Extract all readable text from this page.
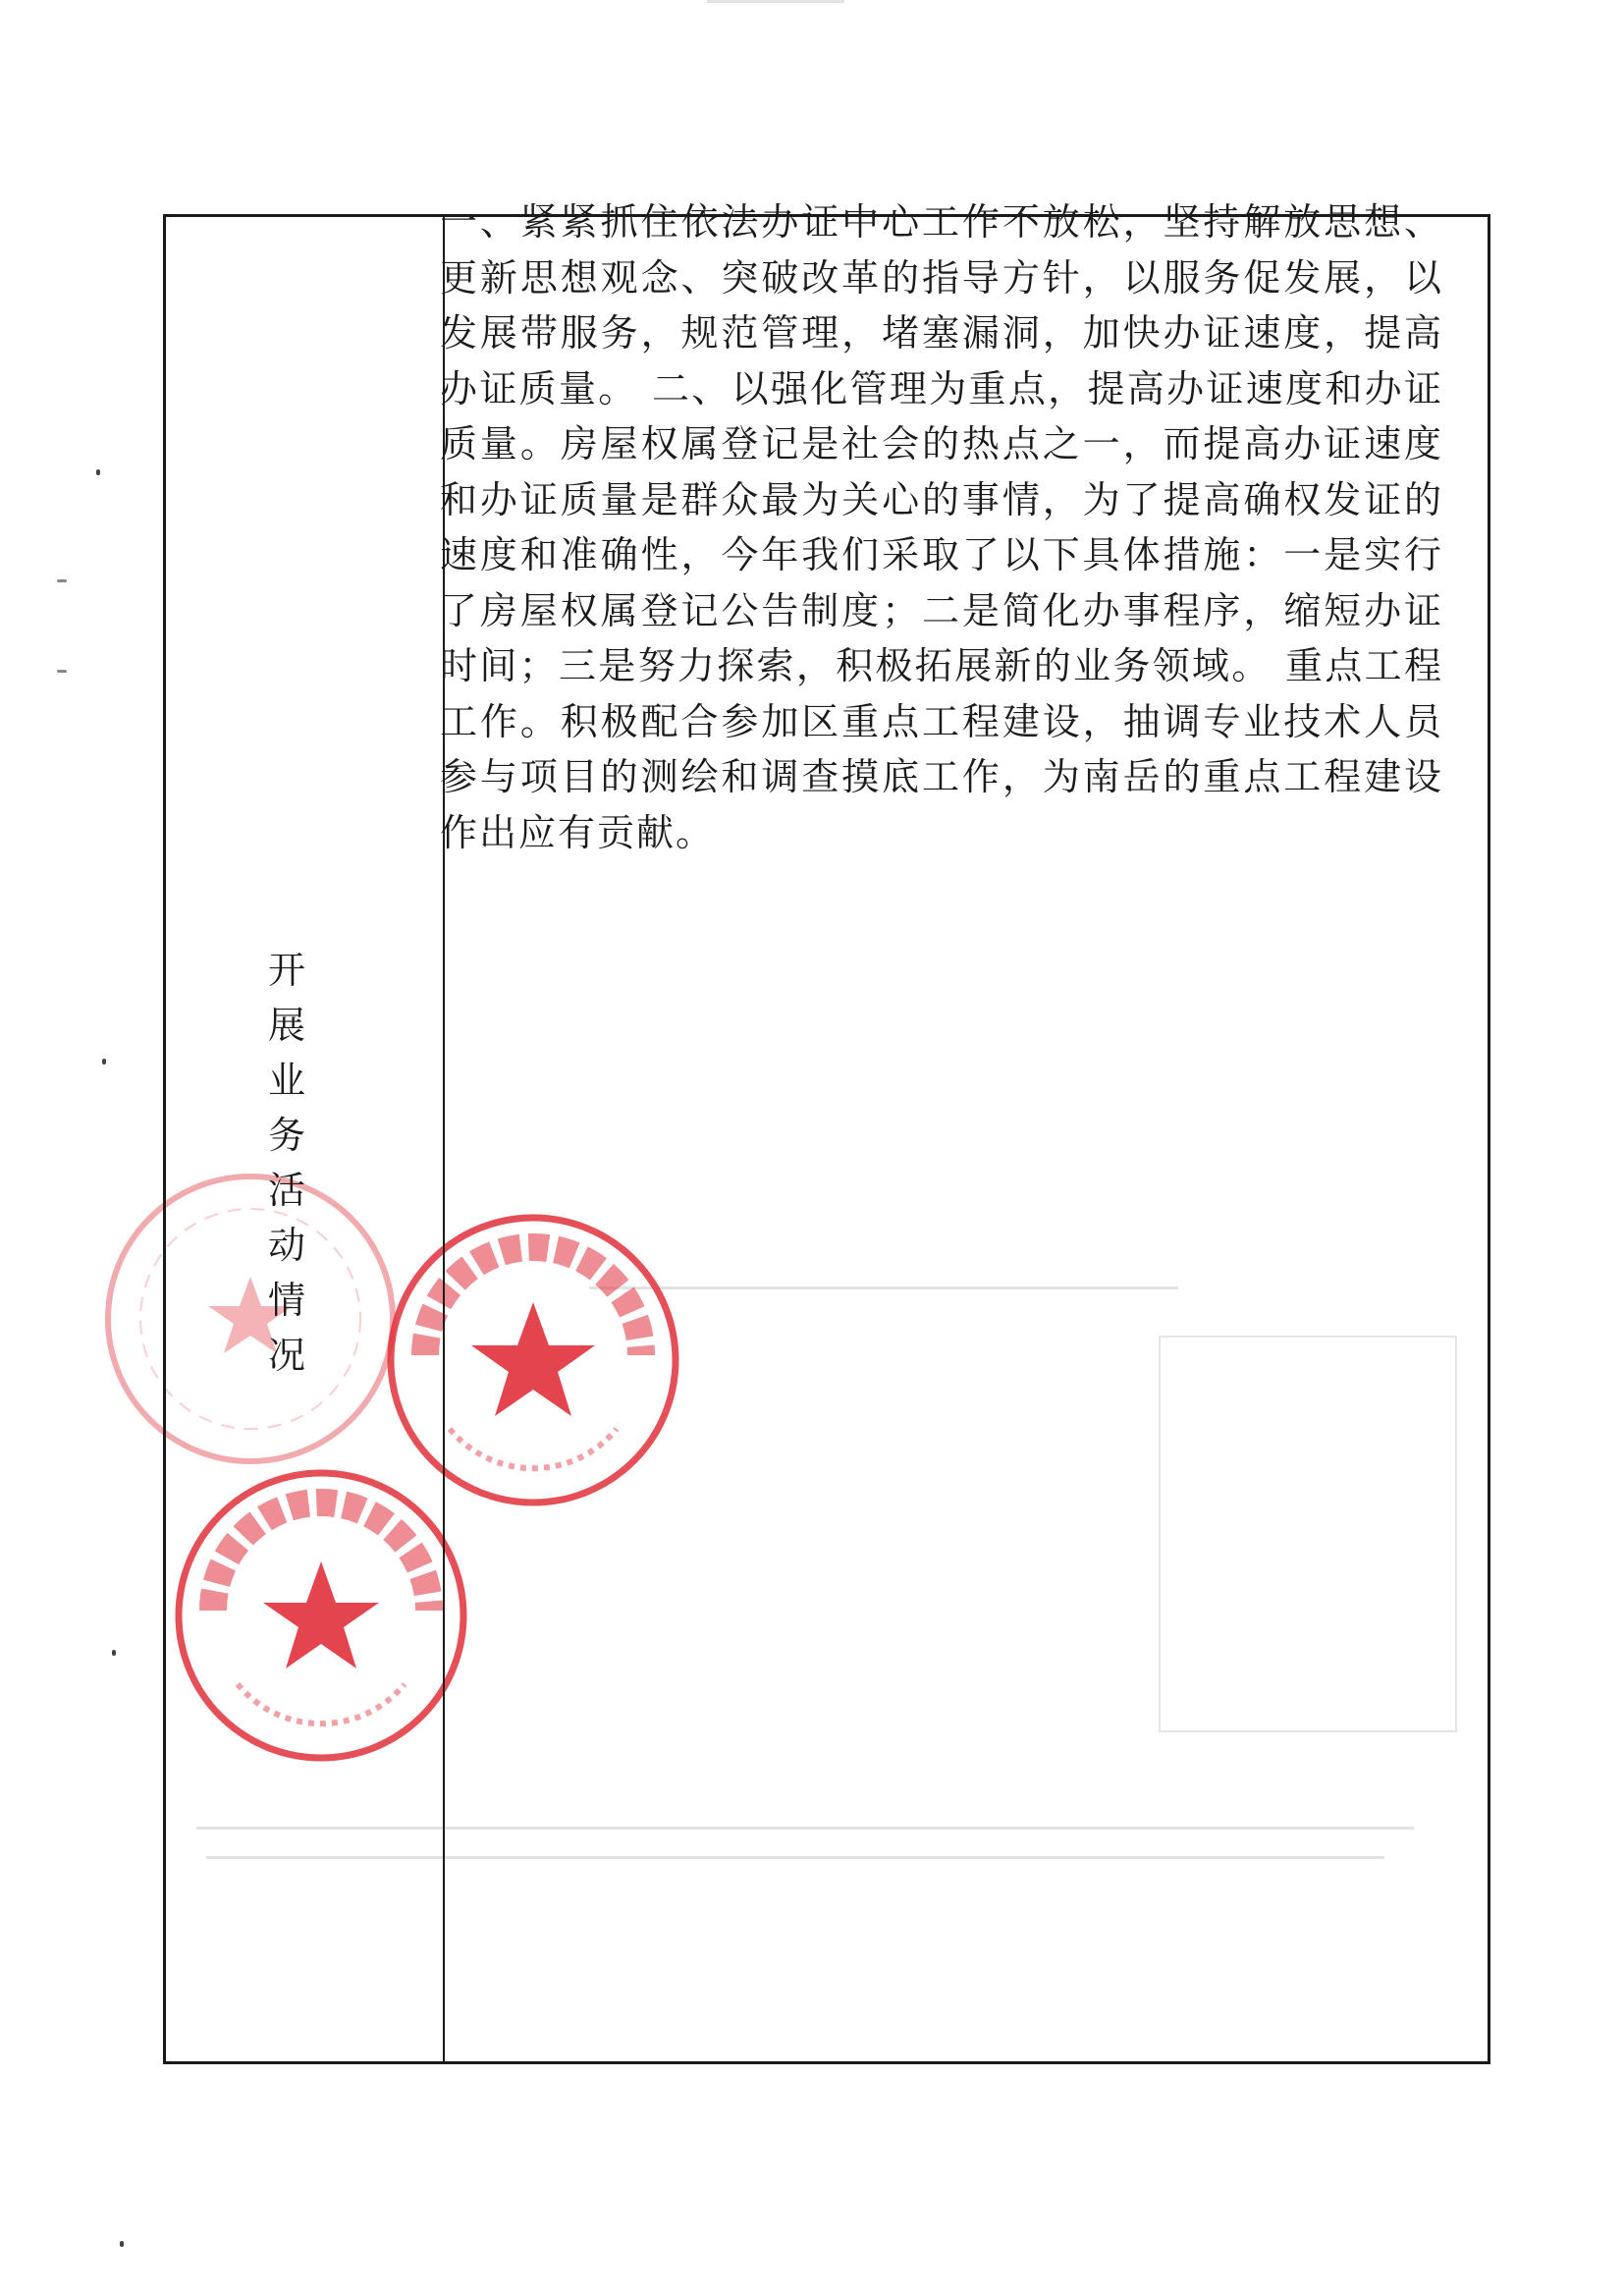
开
展
业
务
活
动
情
况
一、紧紧抓住依法办证中心工作不放松，坚持解放思想、更新思想观念、突破改革的指导方针，以服务促发展，以发展带服务，规范管理，堵塞漏洞，加快办证速度，提高办证质量。 二、以强化管理为重点，提高办证速度和办证质量。房屋权属登记是社会的热点之一，而提高办证速度和办证质量是群众最为关心的事情，为了提高确权发证的速度和准确性，今年我们采取了以下具体措施：一是实行了房屋权属登记公告制度；二是简化办事程序，缩短办证时间；三是努力探索，积极拓展新的业务领域。 重点工程工作。积极配合参加区重点工程建设，抽调专业技术人员参与项目的测绘和调查摸底工作，为南岳的重点工程建设作出应有贡献。
